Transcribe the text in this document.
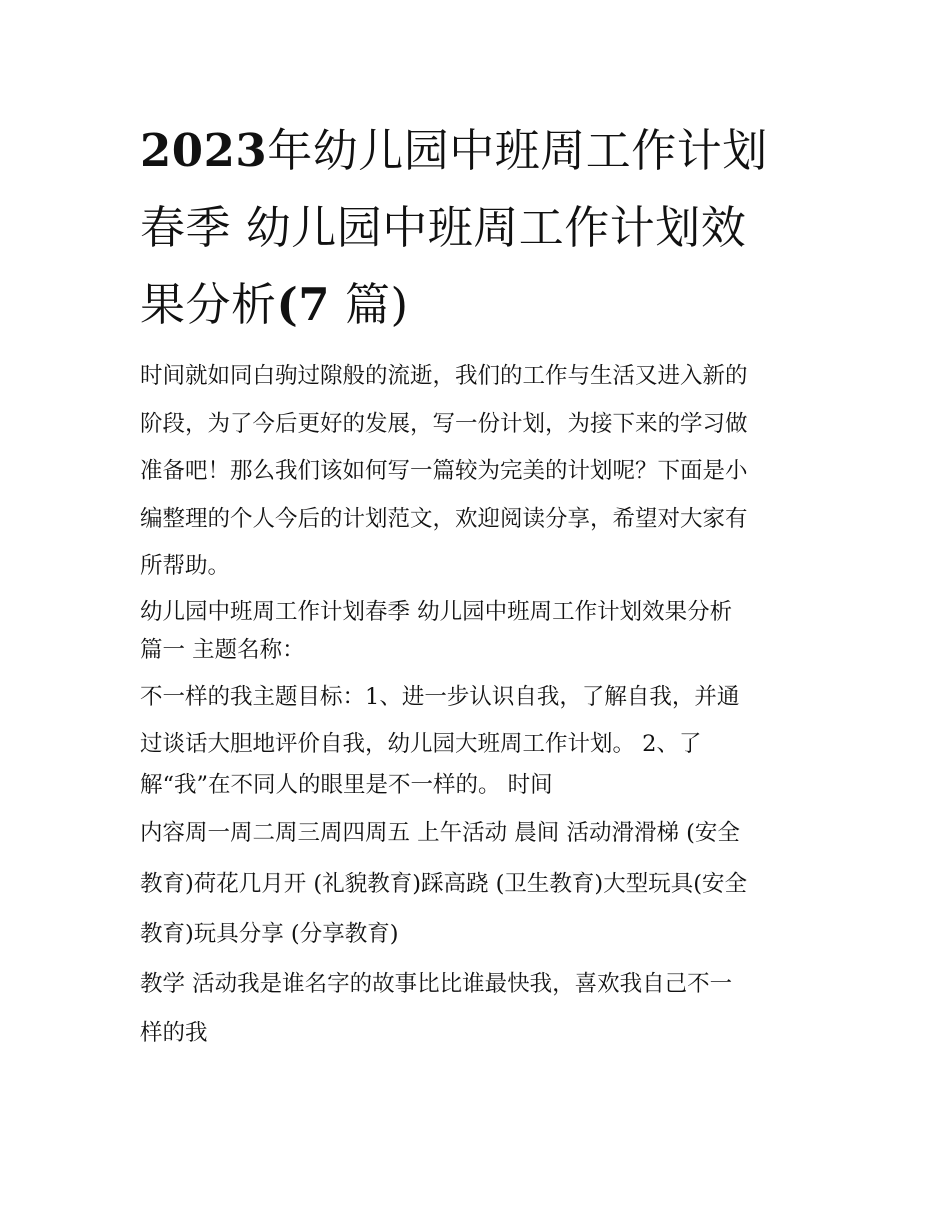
2023年幼儿园中班周工作计划
春季 幼儿园中班周工作计划效
果分析(7 篇)
时间就如同白驹过隙般的流逝，我们的工作与生活又进入新的
阶段，为了今后更好的发展，写一份计划，为接下来的学习做
准备吧！那么我们该如何写一篇较为完美的计划呢？下面是小
编整理的个人今后的计划范文，欢迎阅读分享，希望对大家有
所帮助。
幼儿园中班周工作计划春季 幼儿园中班周工作计划效果分析
篇一 主题名称：
不一样的我主题目标：1、进一步认识自我，了解自我，并通
过谈话大胆地评价自我，幼儿园大班周工作计划。 2、了
解“我”在不同人的眼里是不一样的。 时间
内容周一周二周三周四周五 上午活动 晨间 活动滑滑梯 (安全
教育)荷花几月开 (礼貌教育)踩高跷 (卫生教育)大型玩具(安全
教育)玩具分享 (分享教育)
教学 活动我是谁名字的故事比比谁最快我，喜欢我自己不一
样的我
